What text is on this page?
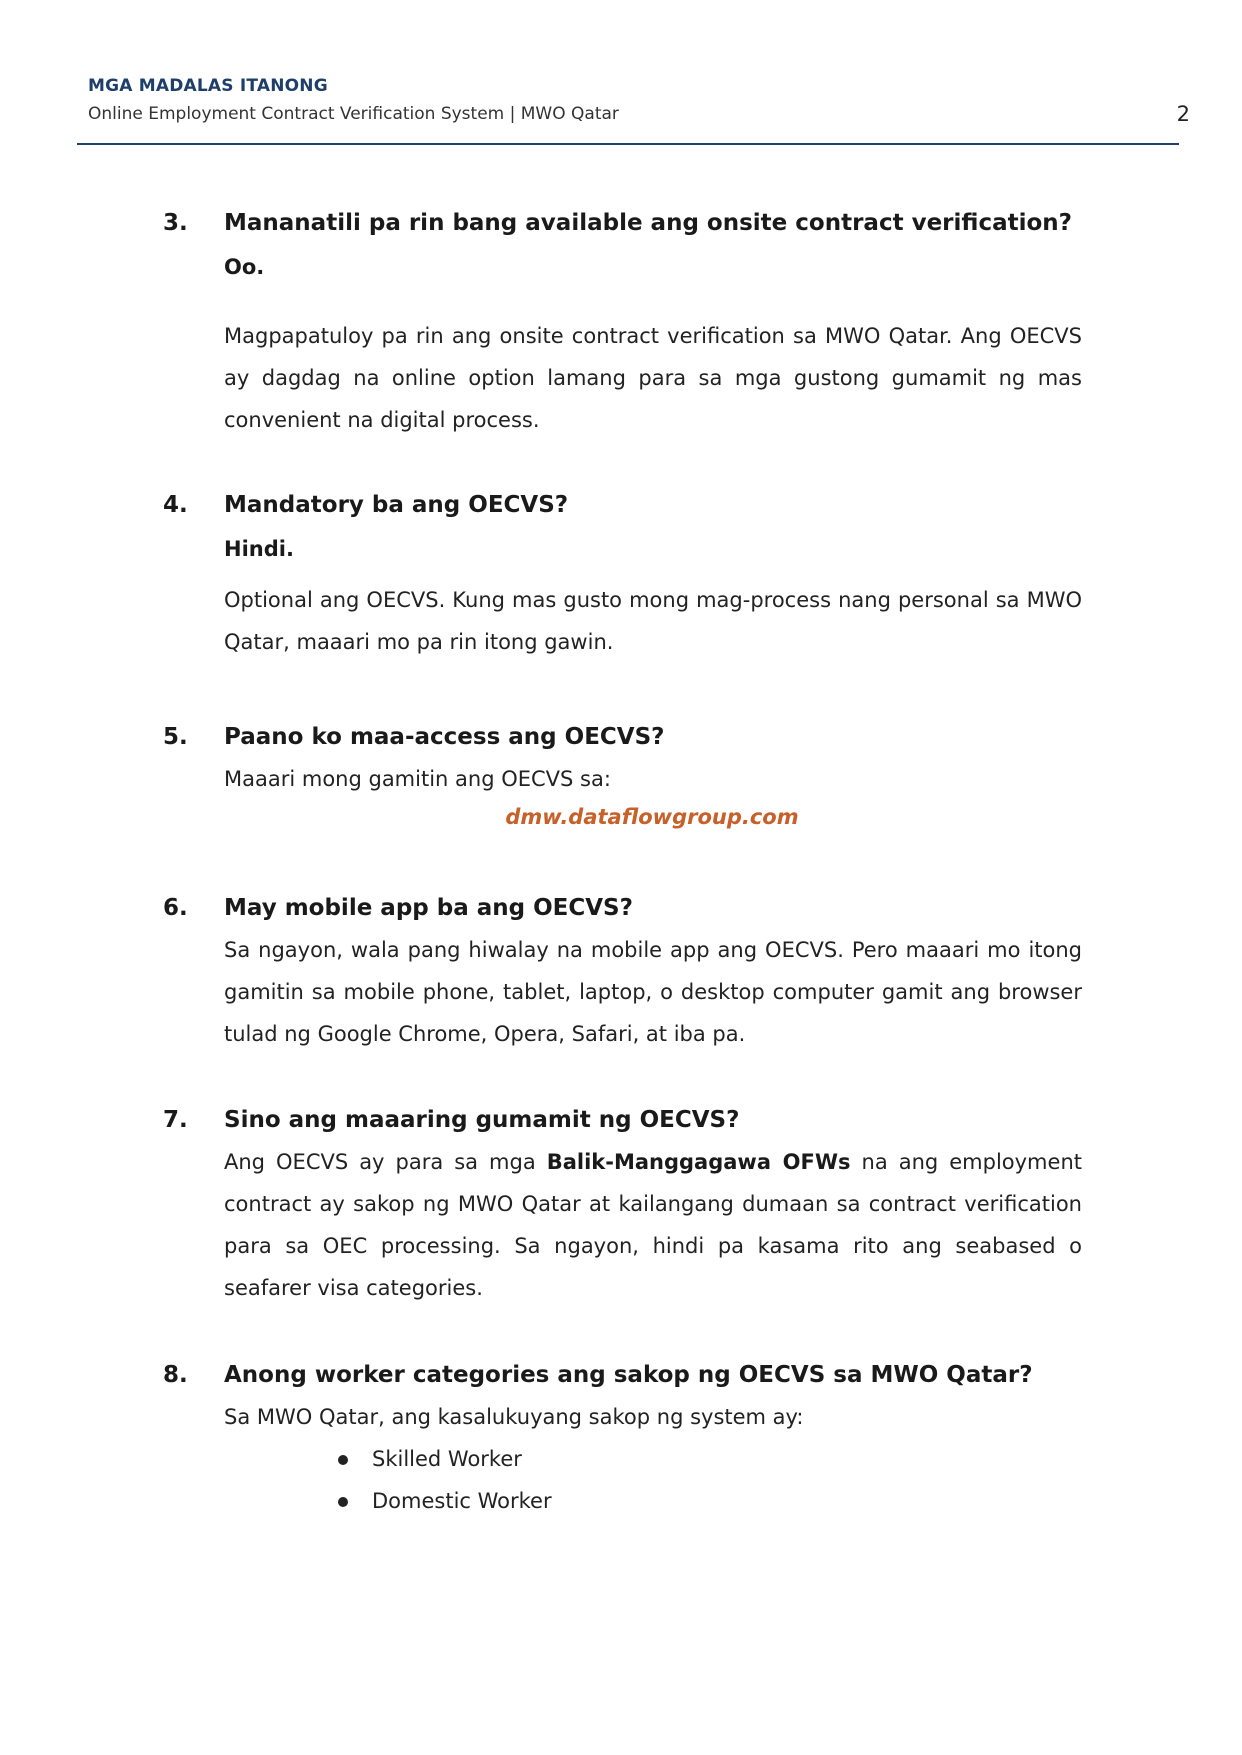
MGA MADALAS ITANONG
Online Employment Contract Verification System | MWO Qatar	2
3. Mananatili pa rin bang available ang onsite contract verification?
Oo.
Magpapatuloy pa rin ang onsite contract verification sa MWO Qatar. Ang OECVS ay dagdag na online option lamang para sa mga gustong gumamit ng mas convenient na digital process.
4. Mandatory ba ang OECVS?
Hindi.
Optional ang OECVS. Kung mas gusto mong mag-process nang personal sa MWO Qatar, maaari mo pa rin itong gawin.
5. Paano ko maa-access ang OECVS?
Maaari mong gamitin ang OECVS sa:
dmw.dataflowgroup.com
6. May mobile app ba ang OECVS?
Sa ngayon, wala pang hiwalay na mobile app ang OECVS. Pero maaari mo itong gamitin sa mobile phone, tablet, laptop, o desktop computer gamit ang browser tulad ng Google Chrome, Opera, Safari, at iba pa.
7. Sino ang maaaring gumamit ng OECVS?
Ang OECVS ay para sa mga Balik-Manggagawa OFWs na ang employment contract ay sakop ng MWO Qatar at kailangang dumaan sa contract verification para sa OEC processing. Sa ngayon, hindi pa kasama rito ang seabased o seafarer visa categories.
8. Anong worker categories ang sakop ng OECVS sa MWO Qatar?
Sa MWO Qatar, ang kasalukuyang sakop ng system ay:
Skilled Worker
Domestic Worker
